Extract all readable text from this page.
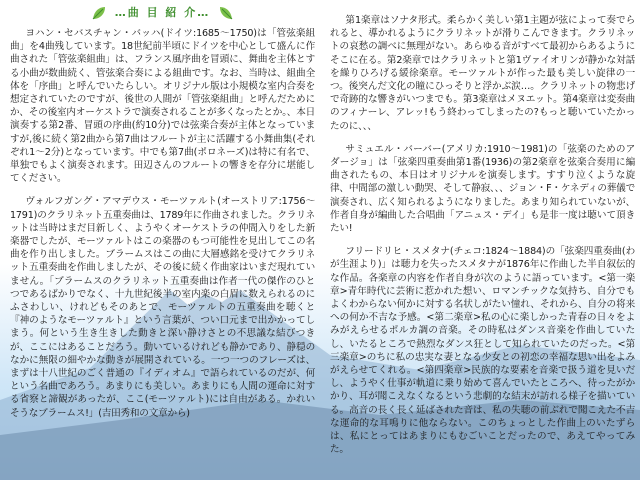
…曲 目 紹 介…

ヨハン・セバスチャン・バッハ(ドイツ:1685～1750)は「管弦楽組曲」を4曲残しています。18世紀前半頃にドイツを中心として盛んに作曲された「管弦楽組曲」は、フランス風序曲を冒頭に、舞曲を主体とする小曲が数曲続く、管弦楽合奏による組曲です。なお、当時は、組曲全体を「序曲」と呼んでいたらしい。オリジナル版は小規模な室内合奏を想定されていたのですが、後世の人間が「管弦楽組曲」と呼んだためにか、その後室内オーケストラで演奏されることが多くなったとか。、本日演奏する第2番、冒頭の序曲(約10分)では弦楽合奏が主体となっていますが,後に続く第2曲から第7曲はフルートが主に活躍する小舞曲集(それぞれ1～2分)となっています。中でも第7曲(ポロネーズ)は特に有名で、単独でもよく演奏されます。田辺さんのフルートの響きを存分に堪能してください。

ヴォルフガング・アマデウス・モーツァルト(オーストリア:1756～1791)のクラリネット五重奏曲は、1789年に作曲されました。クラリネットは当時はまだ目新しく、ようやくオーケストラの仲間入りをした新楽器でしたが、モーツァルトはこの楽器のもつ可能性を見出してこの名曲を作り出しました。ブラームスはこの曲に大層感銘を受けてクラリネット五重奏曲を作曲しましたが、その後に続く作曲家はいまだ現れていません。「ブラームスのクラリネット五重奏曲は作者一代の傑作のひとつであるばかりでなく、十九世紀後半の室内楽の白眉に数えられるのにふさわしい、けれどもそのあとで、モーツァルトの五重奏曲を聴くと『神のようなモーツァルト』という言葉が、つい口元まで出かかってしまう。何という生き生きした動きと深い静けさとの不思議な結びつきが、ここにはあることだろう。動いているけれども静かであり、静穏のなかに無限の細やかな動きが展開されている。一つ一つのフレーズは、まずは十八世紀のごく普通の『イディオム』で語られているのだが、何という名曲であろう。あまりにも美しい。あまりにも人間の運命に対する省察と諦観があったが、ここ(モーツァルト)には自由がある。かれいそうなブラームス!」(吉田秀和の文章から)

第1楽章はソナタ形式。柔らかく美しい第1主題が弦によって奏でられると、導かれるようにクラリネットが滑りこんできます。クラリネットの哀愁の調べに無理がない。あらゆる音がすべて最初からあるようにそこに在る。第2楽章ではクラリネットと第1ヴァイオリンが静かな対話を繰りひろげる緩徐楽章。モーツァルトが作った最も美しい旋律の一つ。後突んだ文化の瞳にひっそりと浮かぶ涙…。クラリネットの物悲げで奇跡的な響きがいつまでも。第3楽章はメヌエット。第4楽章は変奏曲のフィナーレ、アレッ!もう終わってしまったの?もっと聴いていたかったのに、、、

サミュエル・バーバー(アメリカ:1910～1981)の「弦楽のためのアダージョ」は「弦楽四重奏曲第1番(1936)の第2楽章を弦楽合奏用に編曲されたもの、本日はオリジナルを演奏します。すすり泣くような旋律、中間部の激しい動哭、そして静寂、、、ジョン・F・ケネディの葬儀で演奏され、広く知られるようになりました。あまり知られていないが、作者自身が編曲した合唱曲「アニュス・デイ」も是非一度は聴いて頂きたい!

フリードリヒ・スメタナ(チェコ:1824～1884)の「弦楽四重奏曲(わが生涯より)」は聴力を失ったスメタナが1876年に作曲した半自叙伝的な作品。各楽章の内容を作者自身が次のように語っています。<第一楽章>青年時代に芸術に惹かれた想い、ロマンチックな気持ち、自分でもよくわからない何かに対する名状しがたい憧れ、それから、自分の将来への何か不吉な予感。<第二楽章>私の心に楽しかった青春の日々をよみがえらせるポルカ調の音楽。その時私はダンス音楽を作曲していたし、いたるところで熱烈なダンス狂として知られていたのだった。<第三楽章>のちに私の忠実な妻となる少女との初恋の幸福な思い出をよみがえらせてくれる。<第四楽章>民族的な要素を音楽で扱う道を見いだし、ようやく仕事が軌道に乗り始めて喜んでいたところへ、待ったがかかり、耳が聞こえなくなるという悲劇的な結末が訪れる様子を描いている。高音の長く長く延ばされた音は、私の失聴の前ぶれで聞こえた不吉な運命的な耳鳴りに他ならない。このちょっとした作曲上のいたずらは、私にとってはあまりにもむごいことだったので、あえてやってみた。
